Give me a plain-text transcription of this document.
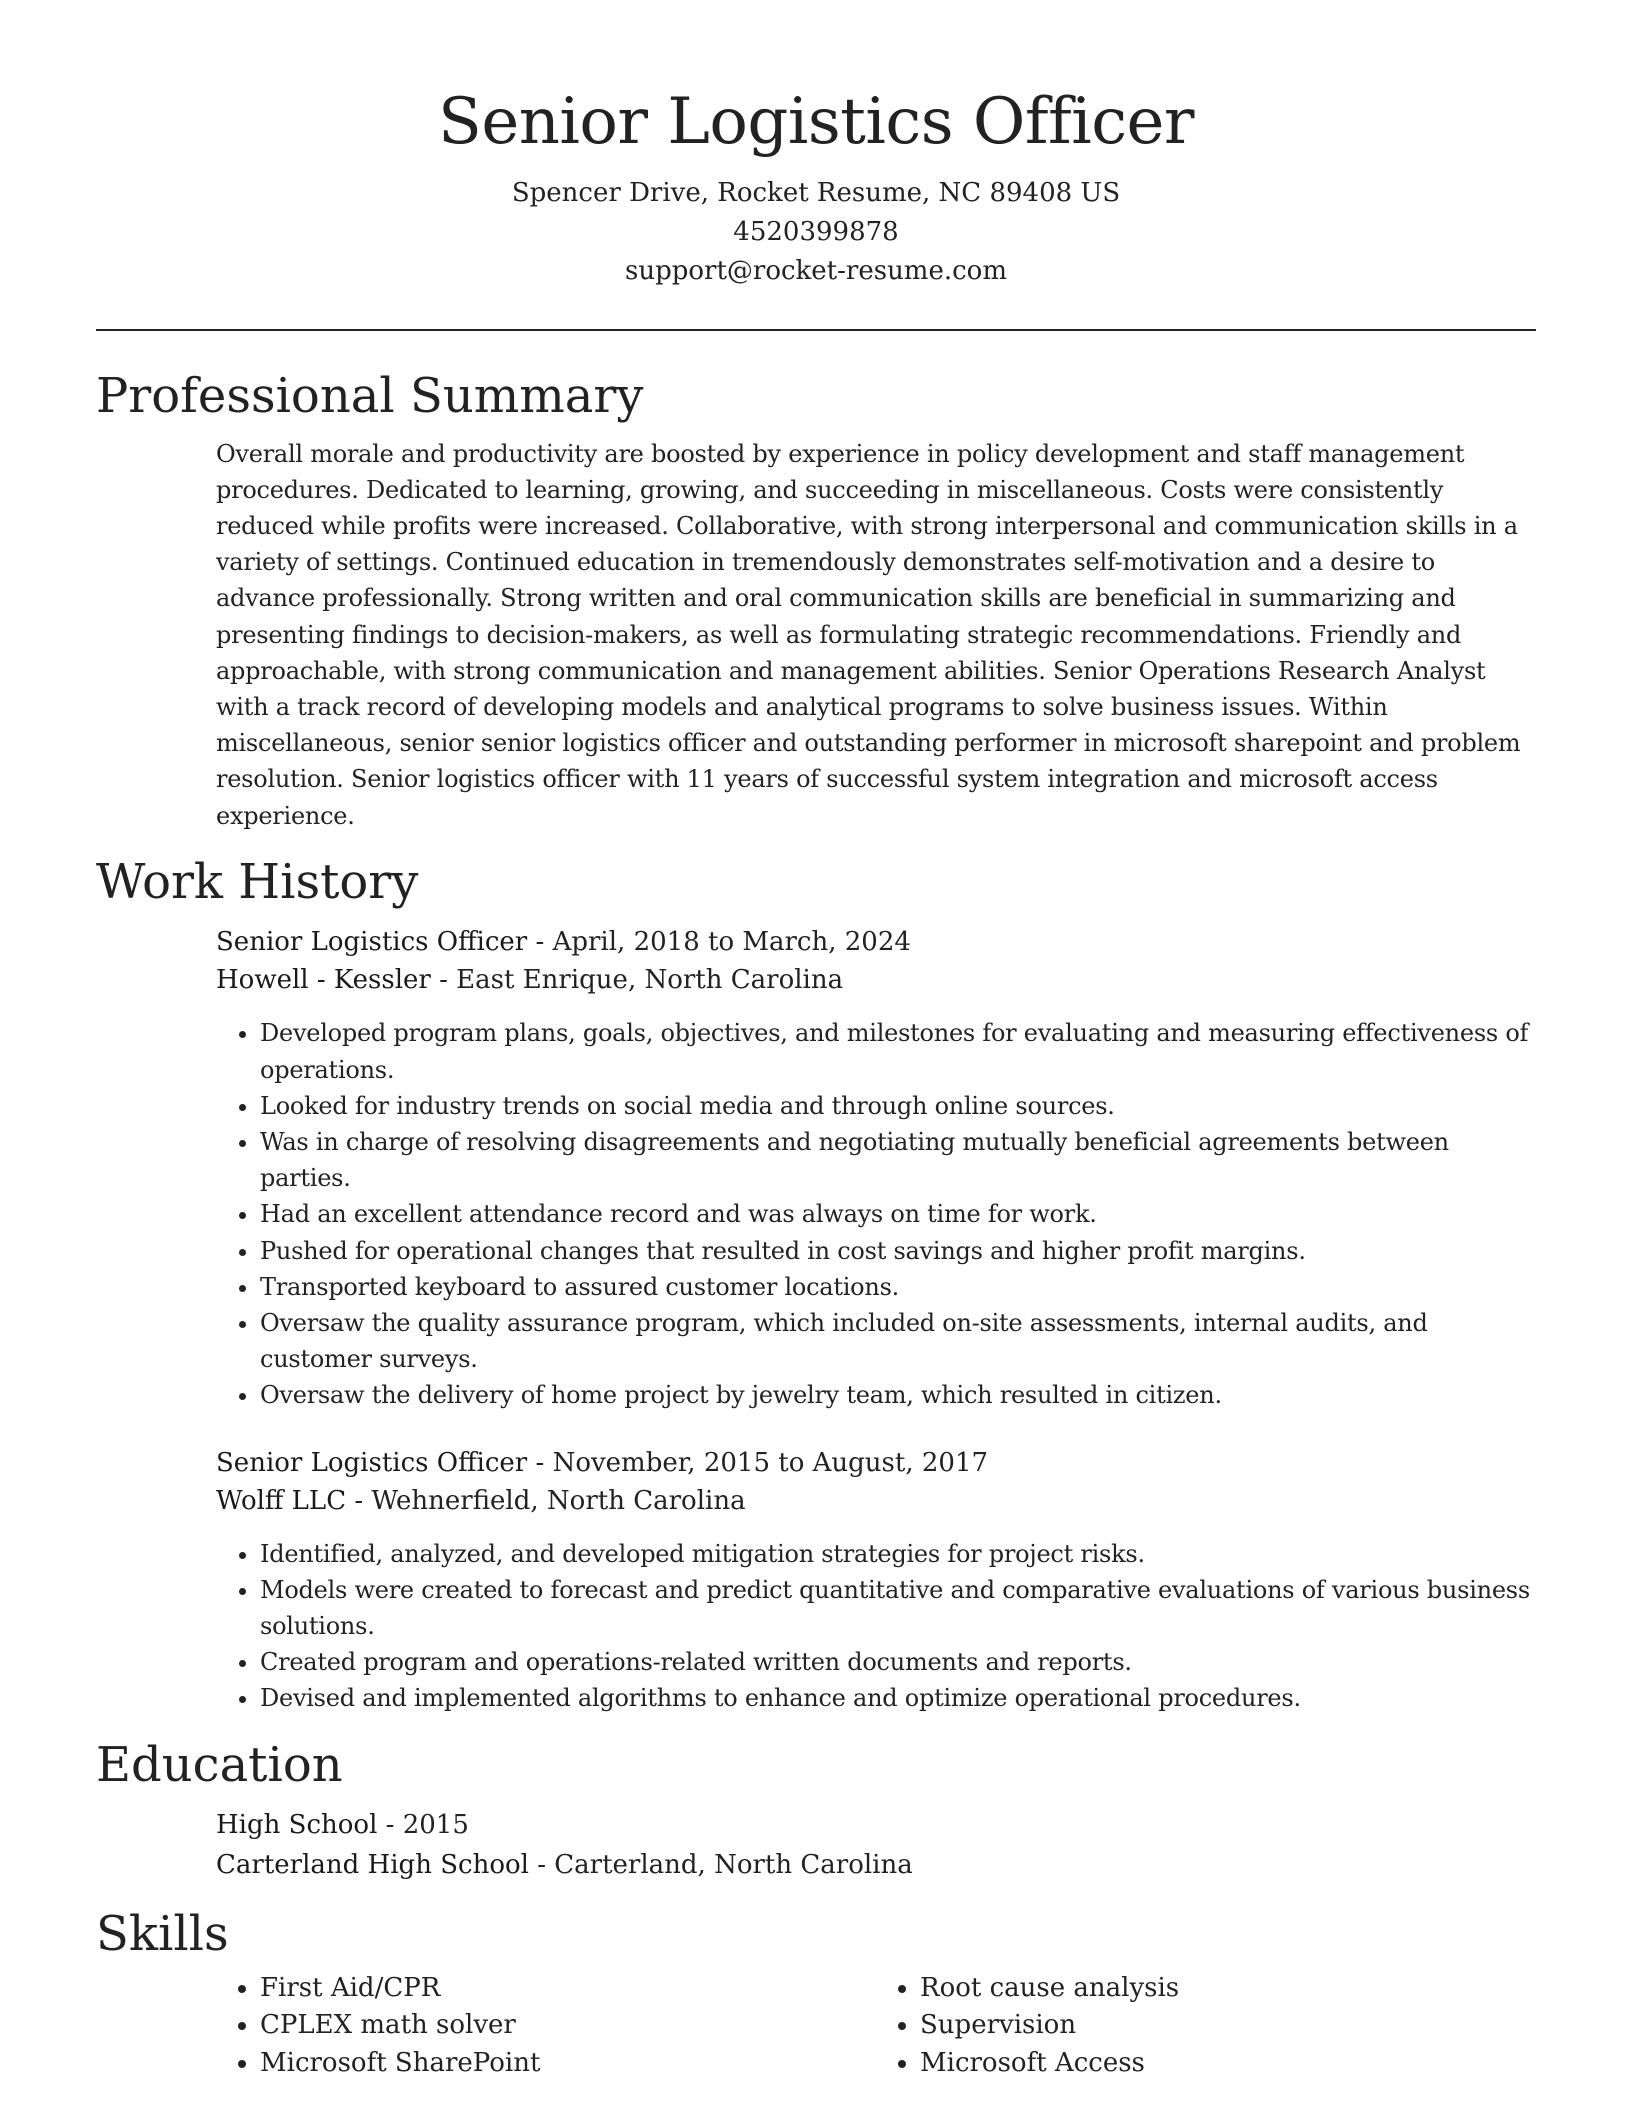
Senior Logistics Officer

Spencer Drive, Rocket Resume, NC 89408 US

4520399878

support@rocket-resume.com

Professional Summary

Overall morale and productivity are boosted by experience in policy development and staff management procedures. Dedicated to learning, growing, and succeeding in miscellaneous. Costs were consistently reduced while profits were increased. Collaborative, with strong interpersonal and communication skills in a variety of settings. Continued education in tremendously demonstrates self-motivation and a desire to advance professionally. Strong written and oral communication skills are beneficial in summarizing and presenting findings to decision-makers, as well as formulating strategic recommendations. Friendly and approachable, with strong communication and management abilities. Senior Operations Research Analyst with a track record of developing models and analytical programs to solve business issues. Within miscellaneous, senior senior logistics officer and outstanding performer in microsoft sharepoint and problem resolution. Senior logistics officer with 11 years of successful system integration and microsoft access experience.

Work History

Senior Logistics Officer - April, 2018 to March, 2024

Howell - Kessler - East Enrique, North Carolina

• Developed program plans, goals, objectives, and milestones for evaluating and measuring effectiveness of operations.
• Looked for industry trends on social media and through online sources.
• Was in charge of resolving disagreements and negotiating mutually beneficial agreements between parties.
• Had an excellent attendance record and was always on time for work.
• Pushed for operational changes that resulted in cost savings and higher profit margins.
• Transported keyboard to assured customer locations.
• Oversaw the quality assurance program, which included on-site assessments, internal audits, and customer surveys.
• Oversaw the delivery of home project by jewelry team, which resulted in citizen.

Senior Logistics Officer - November, 2015 to August, 2017

Wolff LLC - Wehnerfield, North Carolina

• Identified, analyzed, and developed mitigation strategies for project risks.
• Models were created to forecast and predict quantitative and comparative evaluations of various business solutions.
• Created program and operations-related written documents and reports.
• Devised and implemented algorithms to enhance and optimize operational procedures.
Education

High School - 2015

Carterland High School - Carterland, North Carolina

Skills
• First Aid/CPR
• CPLEX math solver
• Microsoft SharePoint
• Root cause analysis
• Supervision
• Microsoft Access
